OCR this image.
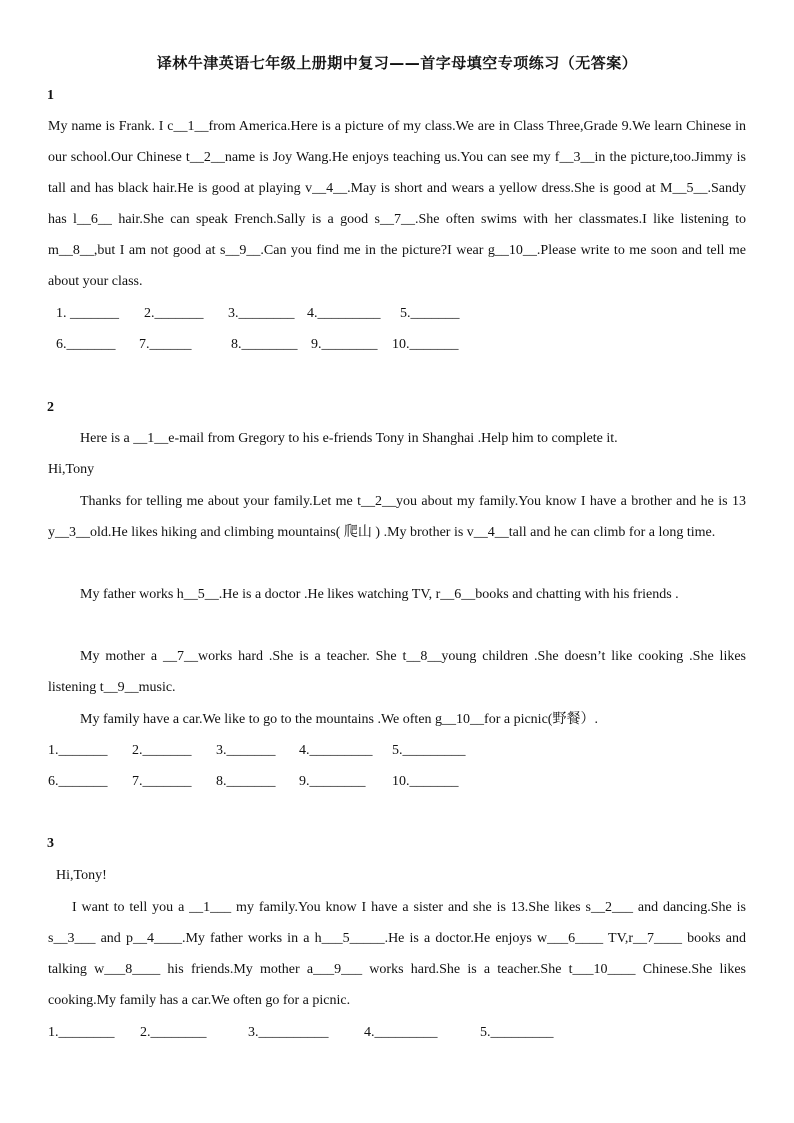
译林牛津英语七年级上册期中复习——首字母填空专项练习（无答案）
1
My name is Frank. I c__1__from America.Here is a picture of my class.We are in Class Three,Grade 9.We learn Chinese in our school.Our Chinese t__2__name is Joy Wang.He enjoys teaching us.You can see my f__3__in the picture,too.Jimmy is tall and has black hair.He is good at playing v__4__.May is short and wears a yellow dress.She is good at M__5__.Sandy has l__6__ hair.She can speak French.Sally is a good s__7__.She often swims with her classmates.I like listening to m__8__,but I am not good at s__9__.Can you find me in the picture?I wear g__10__.Please write to me soon and tell me about your class.
1. _______ 2._______ 3.________ 4._________ 5._______
6._______ 7.______	8.________ 9.________ 10._______
2
Here is a __1__e-mail from Gregory to his e-friends Tony in Shanghai .Help him to complete it.
Hi,Tony
Thanks for telling me about your family.Let me t__2__you about my family.You know I have a brother and he is 13 y__3__old.He likes hiking and climbing mountains( 爬山 ) .My brother is v__4__tall and he can climb for a long time.
My father works h__5__.He is a doctor .He likes watching TV, r__6__books and chatting with his friends .
My mother a __7__works hard .She is a teacher. She t__8__young children .She doesn’t like cooking .She likes listening t__9__music.
My family have a car.We like to go to the mountains .We often g__10__for a picnic(野餐）.
1._______ 2._______ 3._______ 4._________ 5._________
6._______ 7._______ 8._______ 9.________ 10._______
3
Hi,Tony!
I want to tell you a __1___ my family.You know I have a sister and she is 13.She likes s__2___ and dancing.She is s__3___ and p__4____.My father works in a h___5_____.He is a doctor.He enjoys w___6____ TV,r__7____ books and talking w___8____ his friends.My mother a___9___ works hard.She is a teacher.She t___10____ Chinese.She likes cooking.My family has a car.We often go for a picnic.
1.________ 2.________	3.__________	4._________	5._________
